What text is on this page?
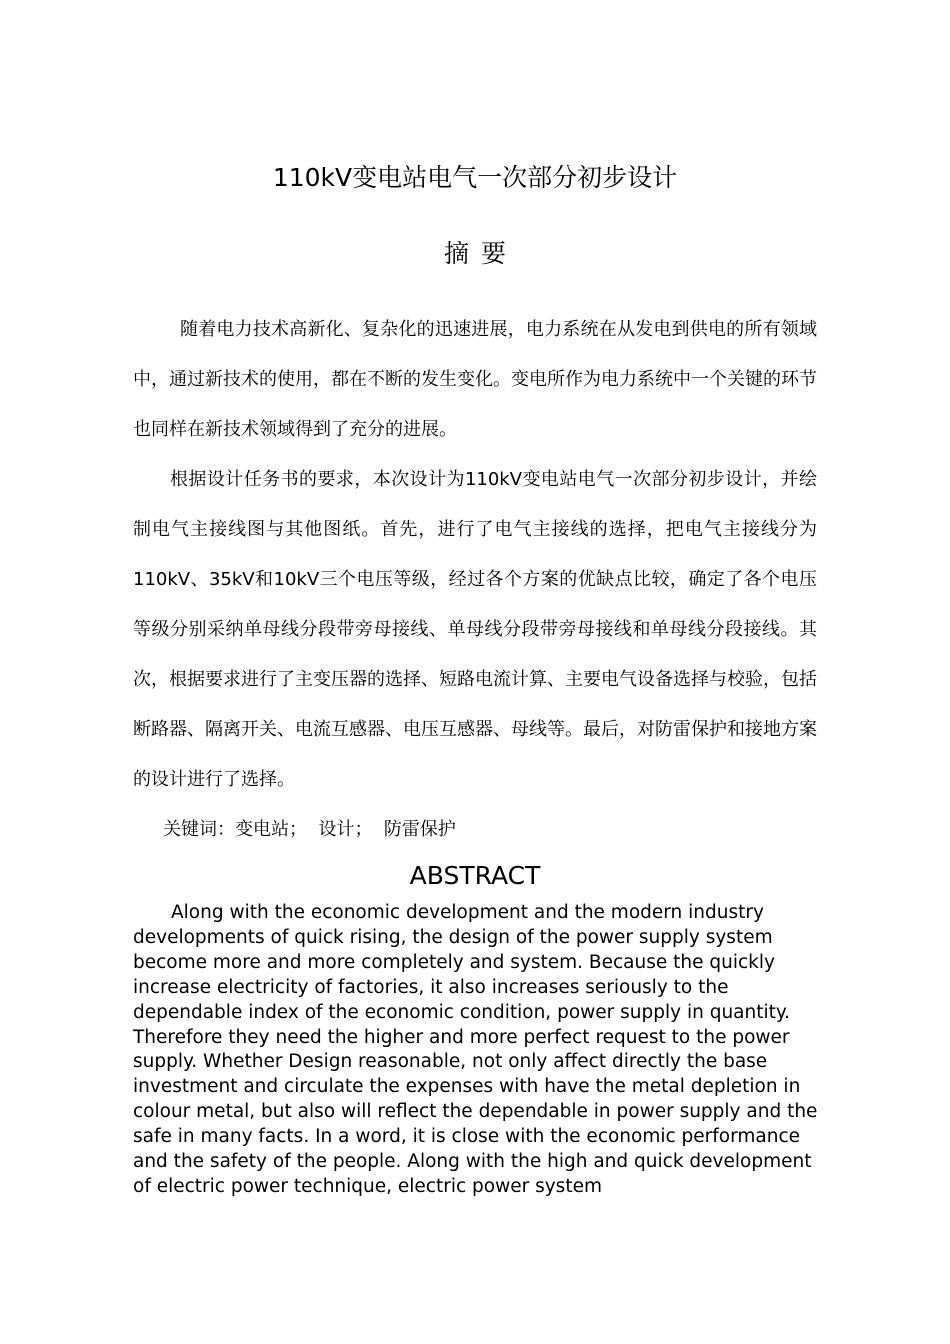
110kV变电站电气一次部分初步设计
摘要

随着电力技术高新化、复杂化的迅速进展，电力系统在从发电到供电的所有领域中，通过新技术的使用，都在不断的发生变化。变电所作为电力系统中一个关键的环节也同样在新技术领域得到了充分的进展。

根据设计任务书的要求，本次设计为110kV变电站电气一次部分初步设计，并绘制电气主接线图与其他图纸。首先，进行了电气主接线的选择，把电气主接线分为110kV、35kV和10kV三个电压等级，经过各个方案的优缺点比较，确定了各个电压等级分别采纳单母线分段带旁母接线、单母线分段带旁母接线和单母线分段接线。其次，根据要求进行了主变压器的选择、短路电流计算、主要电气设备选择与校验，包括断路器、隔离开关、电流互感器、电压互感器、母线等。最后，对防雷保护和接地方案的设计进行了选择。

关键词：变电站； 设计； 防雷保护

ABSTRACT

Along with the economic development and the modern industry developments of quick rising, the design of the power supply system become more and more completely and system. Because the quickly increase electricity of factories, it also increases seriously to the dependable index of the economic condition, power supply in quantity. Therefore they need the higher and more perfect request to the power supply. Whether Design reasonable, not only affect directly the base investment and circulate the expenses with have the metal depletion in colour metal, but also will reflect the dependable in power supply and the safe in many facts. In a word, it is close with the economic performance and the safety of the people. Along with the high and quick development of electric power technique, electric power system
